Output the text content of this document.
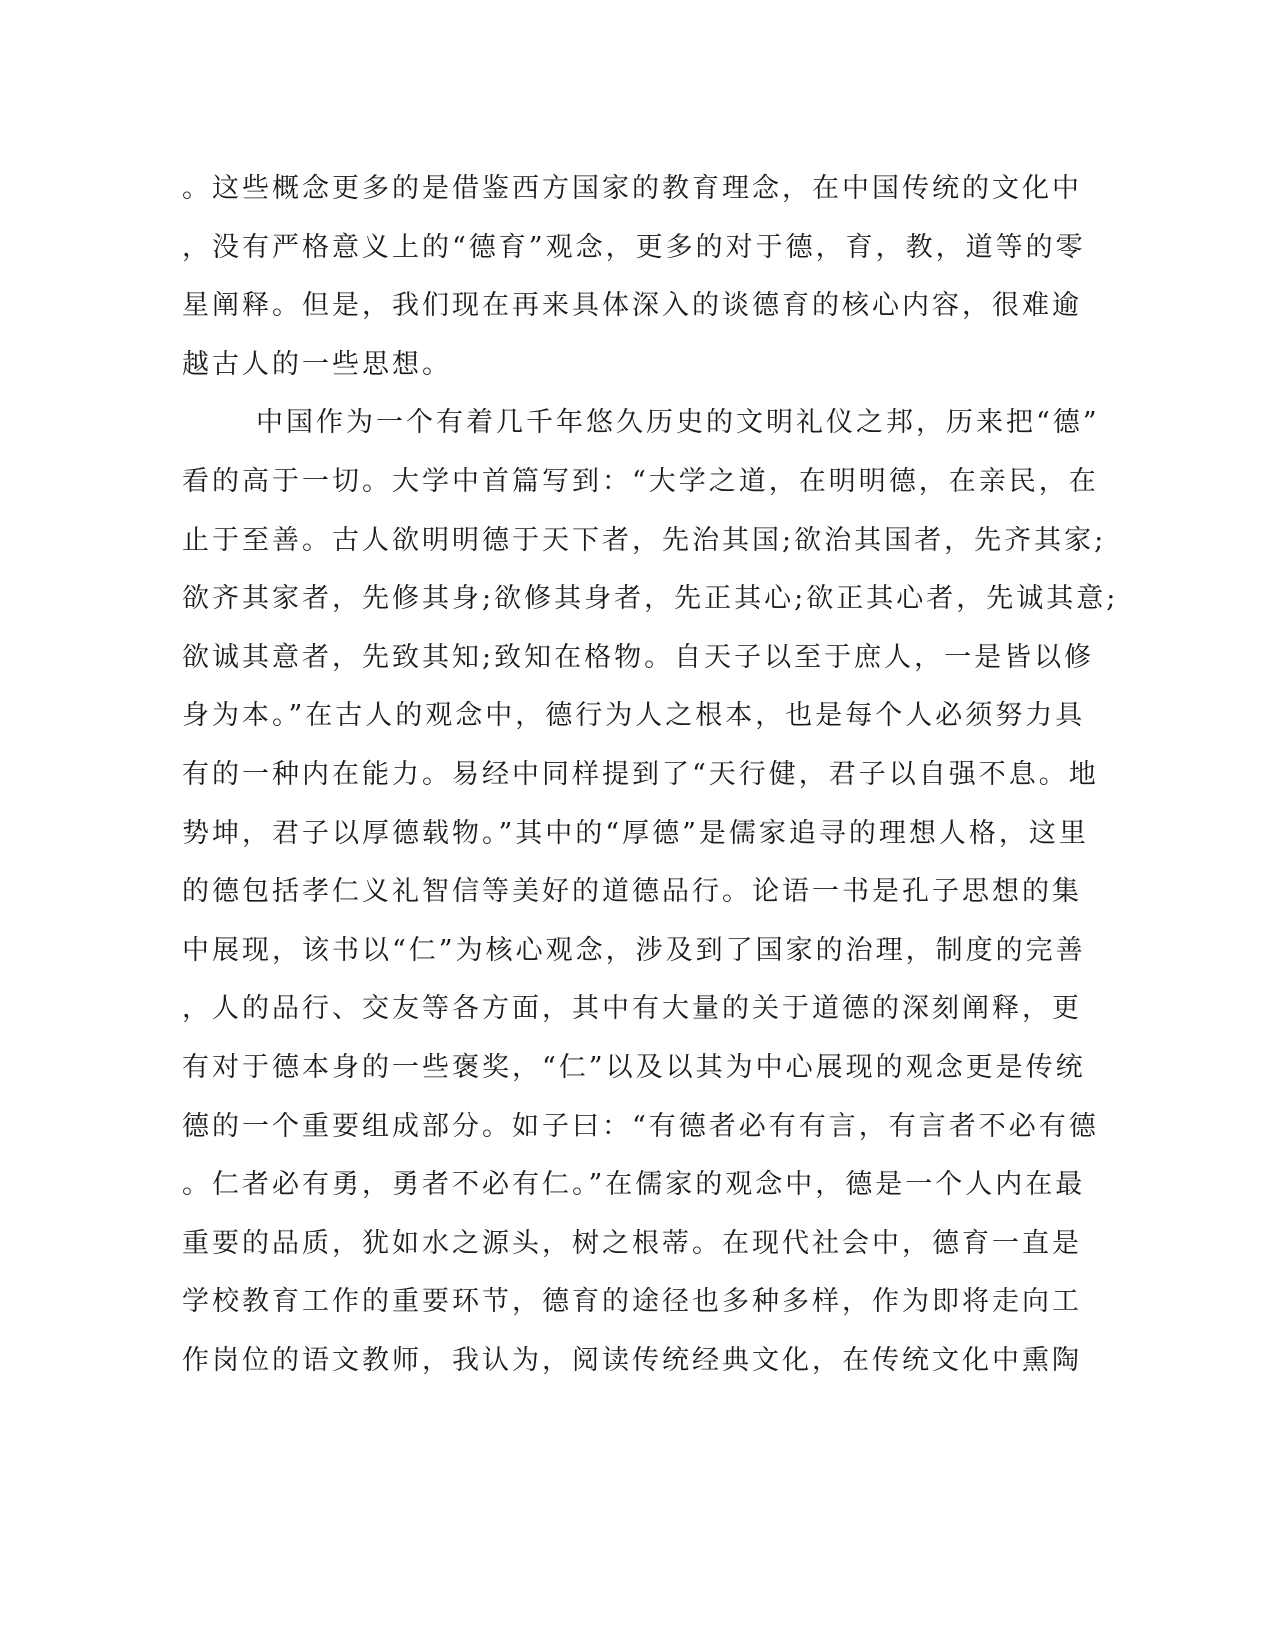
。这些概念更多的是借鉴西方国家的教育理念，在中国传统的文化中
，没有严格意义上的“德育”观念，更多的对于德，育，教，道等的零
星阐释。但是，我们现在再来具体深入的谈德育的核心内容，很难逾
越古人的一些思想。
中国作为一个有着几千年悠久历史的文明礼仪之邦，历来把“德”
看的高于一切。大学中首篇写到：“大学之道，在明明德，在亲民，在
止于至善。古人欲明明德于天下者，先治其国;欲治其国者，先齐其家;
欲齐其家者，先修其身;欲修其身者，先正其心;欲正其心者，先诚其意;
欲诚其意者，先致其知;致知在格物。自天子以至于庶人，一是皆以修
身为本。”在古人的观念中，德行为人之根本，也是每个人必须努力具
有的一种内在能力。易经中同样提到了“天行健，君子以自强不息。地
势坤，君子以厚德载物。”其中的“厚德”是儒家追寻的理想人格，这里
的德包括孝仁义礼智信等美好的道德品行。论语一书是孔子思想的集
中展现，该书以“仁”为核心观念，涉及到了国家的治理，制度的完善
，人的品行、交友等各方面，其中有大量的关于道德的深刻阐释，更
有对于德本身的一些褒奖，“仁”以及以其为中心展现的观念更是传统
德的一个重要组成部分。如子曰：“有德者必有有言，有言者不必有德
。仁者必有勇，勇者不必有仁。”在儒家的观念中，德是一个人内在最
重要的品质，犹如水之源头，树之根蒂。在现代社会中，德育一直是
学校教育工作的重要环节，德育的途径也多种多样，作为即将走向工
作岗位的语文教师，我认为，阅读传统经典文化，在传统文化中熏陶
